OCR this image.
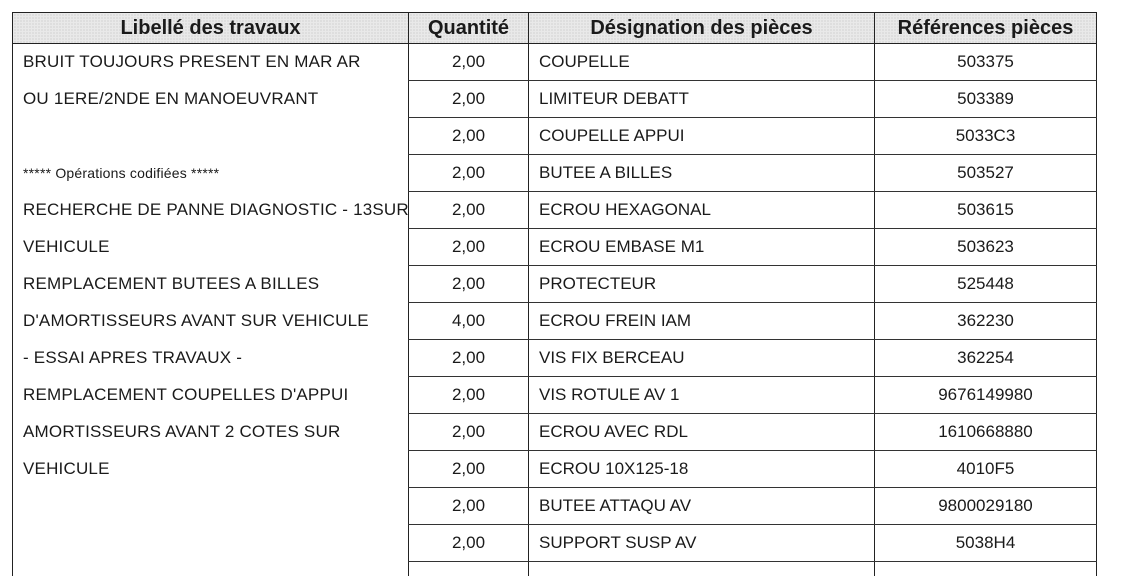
Libellé des travaux	Quantité	Désignation des pièces	Références pièces
BRUIT TOUJOURS PRESENT EN MAR AR	2,00	COUPELLE	503375
OU 1ERE/2NDE EN MANOEUVRANT	2,00	LIMITEUR DEBATT	503389
	2,00	COUPELLE APPUI	5033C3
***** Opérations codifiées *****	2,00	BUTEE A BILLES	503527
RECHERCHE DE PANNE DIAGNOSTIC - 13SUR	2,00	ECROU HEXAGONAL	503615
VEHICULE	2,00	ECROU EMBASE M1	503623
REMPLACEMENT BUTEES A BILLES	2,00	PROTECTEUR	525448
D'AMORTISSEURS AVANT SUR VEHICULE	4,00	ECROU FREIN IAM	362230
- ESSAI APRES TRAVAUX -	2,00	VIS FIX BERCEAU	362254
REMPLACEMENT COUPELLES D'APPUI	2,00	VIS ROTULE AV 1	9676149980
AMORTISSEURS AVANT 2 COTES SUR	2,00	ECROU AVEC RDL	1610668880
VEHICULE	2,00	ECROU 10X125-18	4010F5
	2,00	BUTEE ATTAQU AV	9800029180
	2,00	SUPPORT SUSP AV	5038H4
